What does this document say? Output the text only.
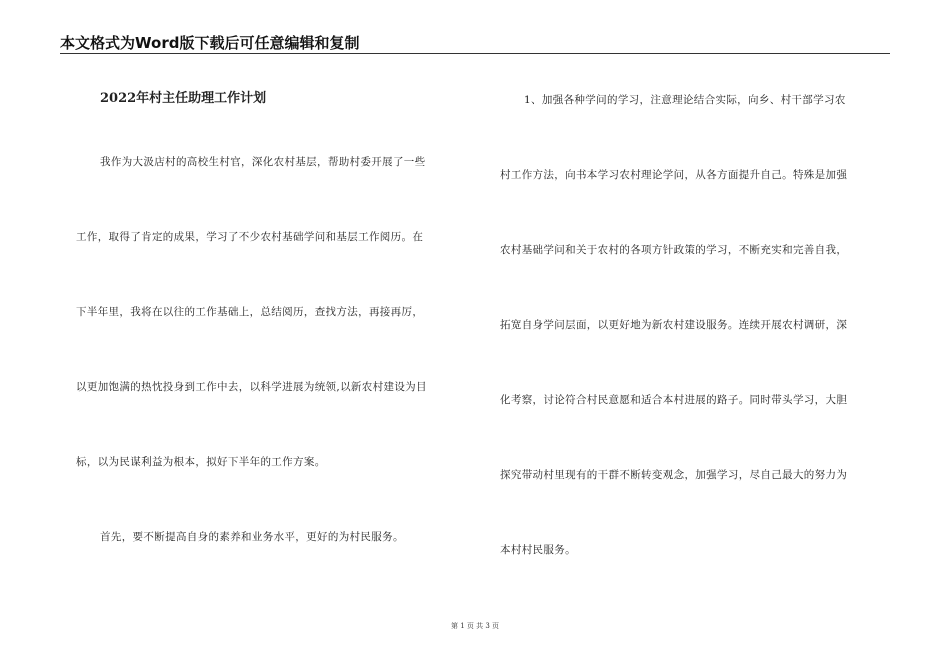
本文格式为Word版下载后可任意编辑和复制
2022年村主任助理工作计划
我作为大汲店村的高校生村官，深化农村基层，帮助村委开展了一些
工作，取得了肯定的成果，学习了不少农村基础学问和基层工作阅历。在
下半年里，我将在以往的工作基础上，总结阅历，查找方法，再接再厉，
以更加饱满的热忱投身到工作中去，以科学进展为统领,以新农村建设为目
标，以为民谋利益为根本，拟好下半年的工作方案。
首先，要不断提高自身的素养和业务水平，更好的为村民服务。
1、加强各种学问的学习，注意理论结合实际，向乡、村干部学习农
村工作方法，向书本学习农村理论学问，从各方面提升自己。特殊是加强
农村基础学问和关于农村的各项方针政策的学习，不断充实和完善自我，
拓宽自身学问层面，以更好地为新农村建设服务。连续开展农村调研，深
化考察，讨论符合村民意愿和适合本村进展的路子。同时带头学习，大胆
探究带动村里现有的干群不断转变观念，加强学习，尽自己最大的努力为
本村村民服务。
第 1 页 共 3 页
